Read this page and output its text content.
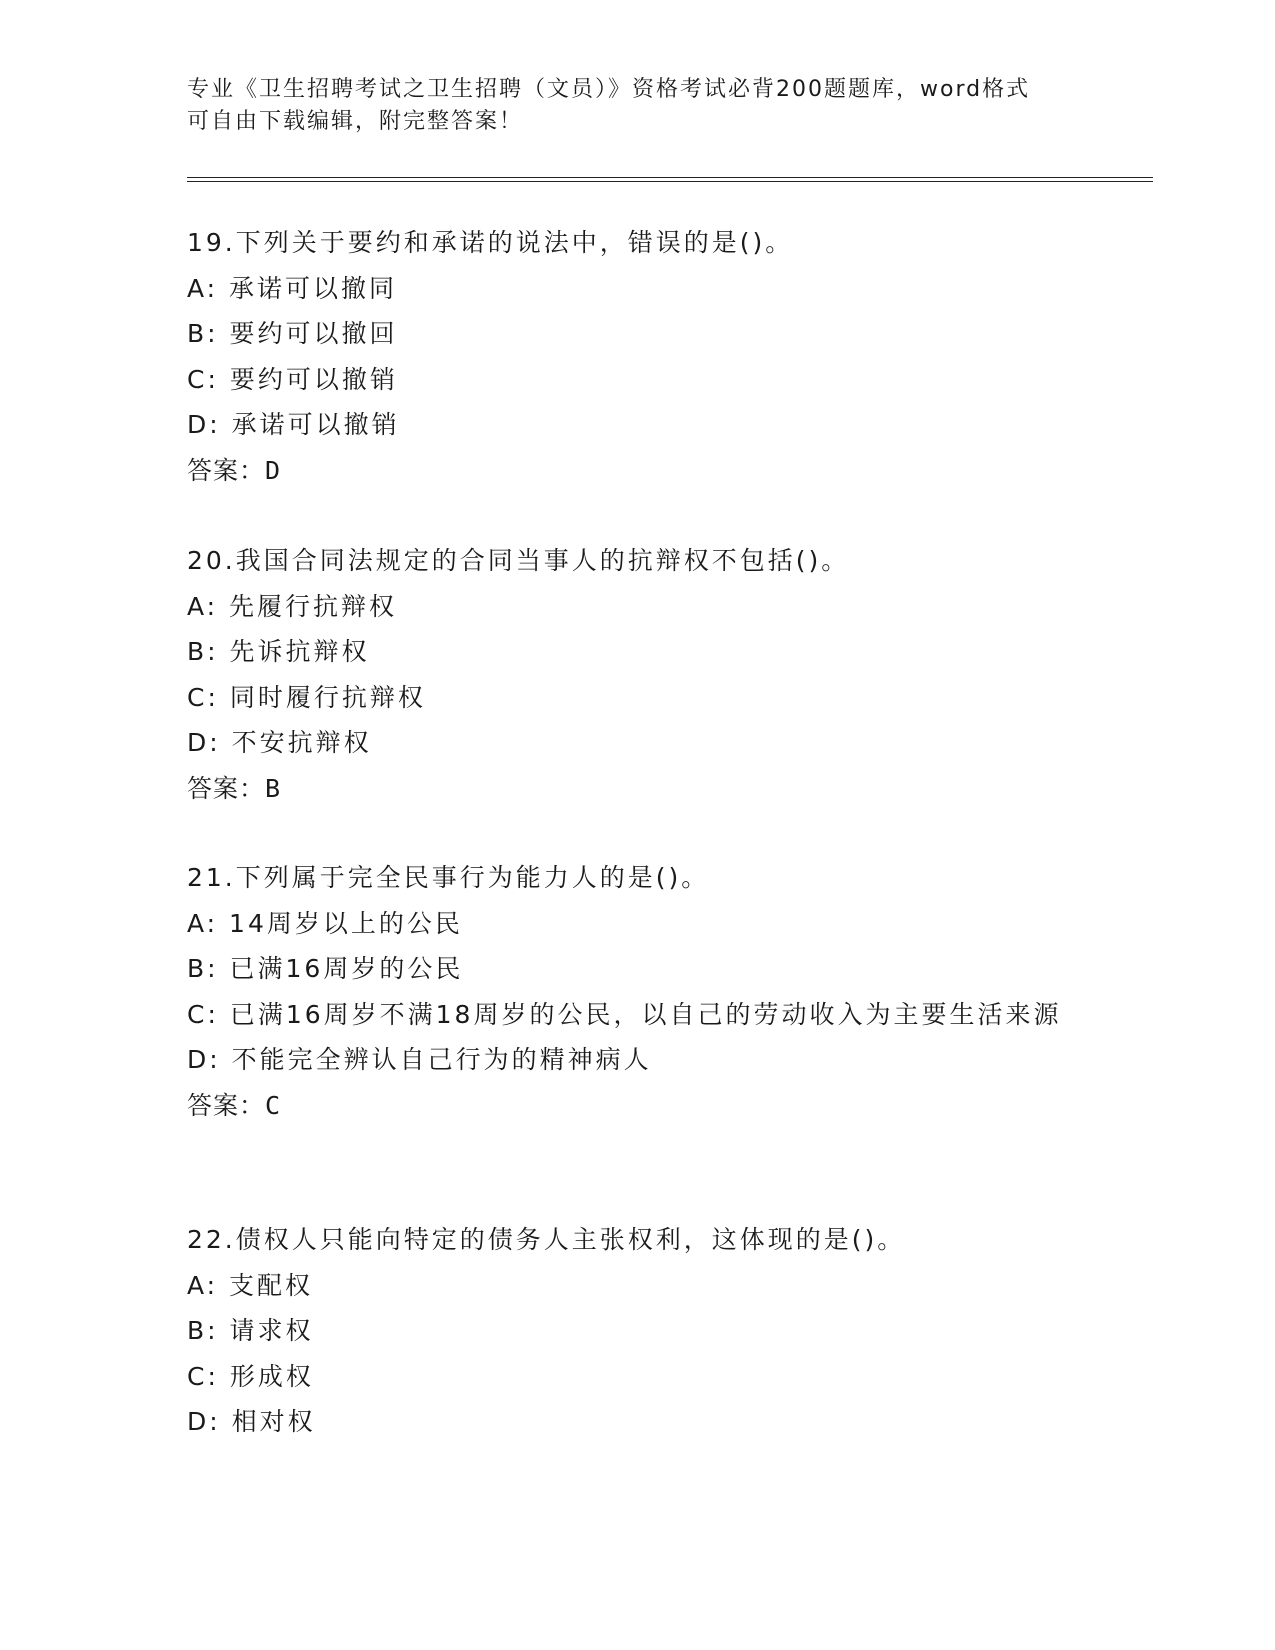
专业《卫生招聘考试之卫生招聘（文员）》资格考试必背200题题库，word格式
可自由下载编辑，附完整答案！
19.下列关于要约和承诺的说法中，错误的是()。
A: 承诺可以撤同
B: 要约可以撤回
C: 要约可以撤销
D: 承诺可以撤销
答案：D
20.我国合同法规定的合同当事人的抗辩权不包括()。
A: 先履行抗辩权
B: 先诉抗辩权
C: 同时履行抗辩权
D: 不安抗辩权
答案：B
21.下列属于完全民事行为能力人的是()。
A: 14周岁以上的公民
B: 已满16周岁的公民
C: 已满16周岁不满18周岁的公民，以自己的劳动收入为主要生活来源
D: 不能完全辨认自己行为的精神病人
答案：C
22.债权人只能向特定的债务人主张权利，这体现的是()。
A: 支配权
B: 请求权
C: 形成权
D: 相对权
